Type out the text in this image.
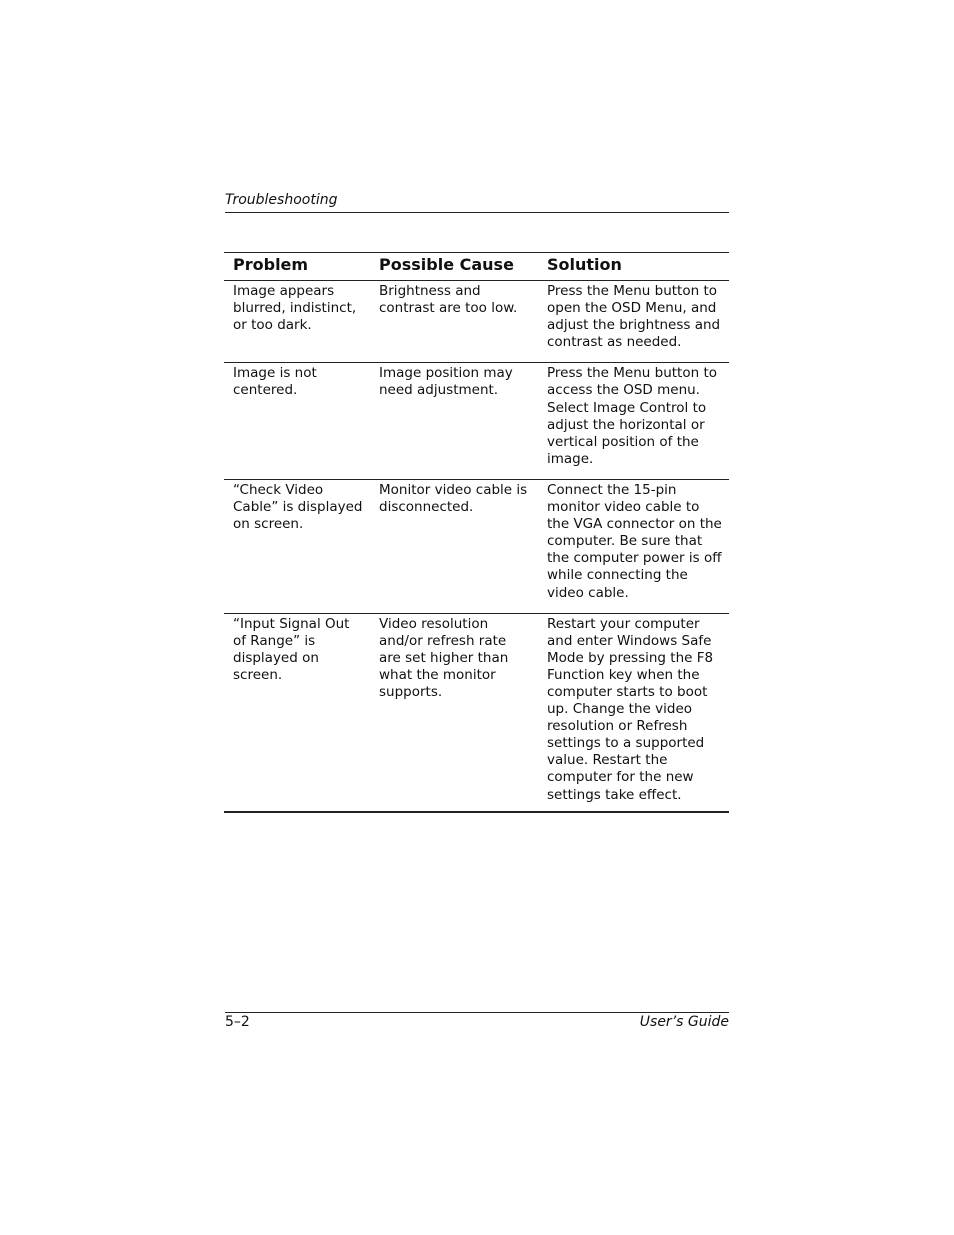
Troubleshooting
Problem	Possible Cause	Solution
Image appears blurred, indistinct, or too dark.	Brightness and contrast are too low.	Press the Menu button to open the OSD Menu, and adjust the brightness and contrast as needed.
Image is not centered.	Image position may need adjustment.	Press the Menu button to access the OSD menu. Select Image Control to adjust the horizontal or vertical position of the image.
“Check Video Cable” is displayed on screen.	Monitor video cable is disconnected.	Connect the 15-pin monitor video cable to the VGA connector on the computer. Be sure that the computer power is off while connecting the video cable.
“Input Signal Out of Range” is displayed on screen.	Video resolution and/or refresh rate are set higher than what the monitor supports.	Restart your computer and enter Windows Safe Mode by pressing the F8 Function key when the computer starts to boot up. Change the video resolution or Refresh settings to a supported value. Restart the computer for the new settings take effect.
5–2	User’s Guide
